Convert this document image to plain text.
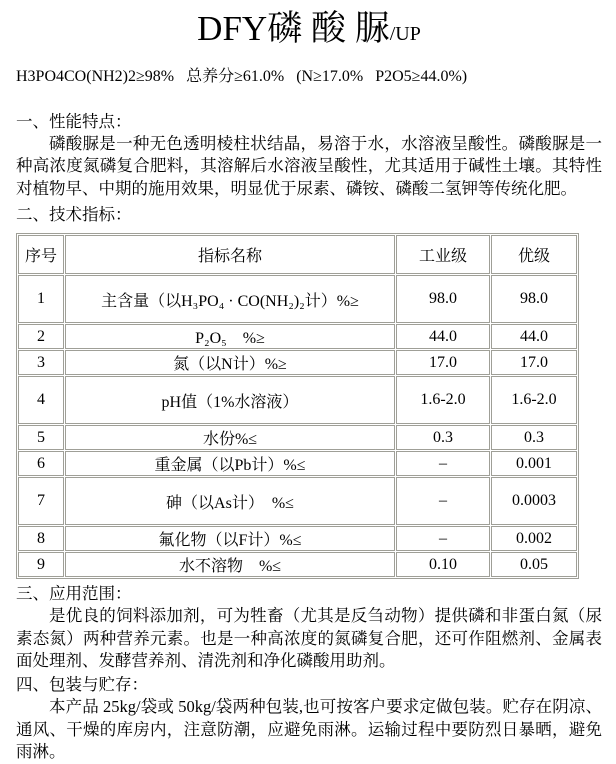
DFY磷 酸 脲/UP
H3PO4CO(NH2)2≥98%   总养分≥61.0%   (N≥17.0%   P2O5≥44.0%)
一、性能特点：

磷酸脲是一种无色透明棱柱状结晶，易溶于水，水溶液呈酸性。磷酸脲是一种高浓度氮磷复合肥料，其溶解后水溶液呈酸性，尤其适用于碱性土壤。其特性对植物早、中期的施用效果，明显优于尿素、磷铵、磷酸二氢钾等传统化肥。

二、技术指标：
序号	指标名称	工业级	优级
1	主含量（以H₃PO₄ · CO(NH₂)₂计）%≥	98.0	98.0
2	P₂O₅　%≥	44.0	44.0
3	氮（以N计）%≥	17.0	17.0
4	pH值（1%水溶液）	1.6-2.0	1.6-2.0
5	水份%≤	0.3	0.3
6	重金属（以Pb计）%≤	–	0.001
7	砷（以As计）　%≤	–	0.0003
8	氟化物（以F计）%≤	–	0.002
9	水不溶物　%≤	0.10	0.05
三、应用范围：

是优良的饲料添加剂，可为牲畜（尤其是反刍动物）提供磷和非蛋白氮（尿素态氮）两种营养元素。也是一种高浓度的氮磷复合肥，还可作阻燃剂、金属表面处理剂、发酵营养剂、清洗剂和净化磷酸用助剂。

四、包装与贮存：

本产品 25kg/袋或 50kg/袋两种包装,也可按客户要求定做包装。贮存在阴凉、通风、干燥的库房内，注意防潮，应避免雨淋。运输过程中要防烈日暴晒，避免雨淋。
